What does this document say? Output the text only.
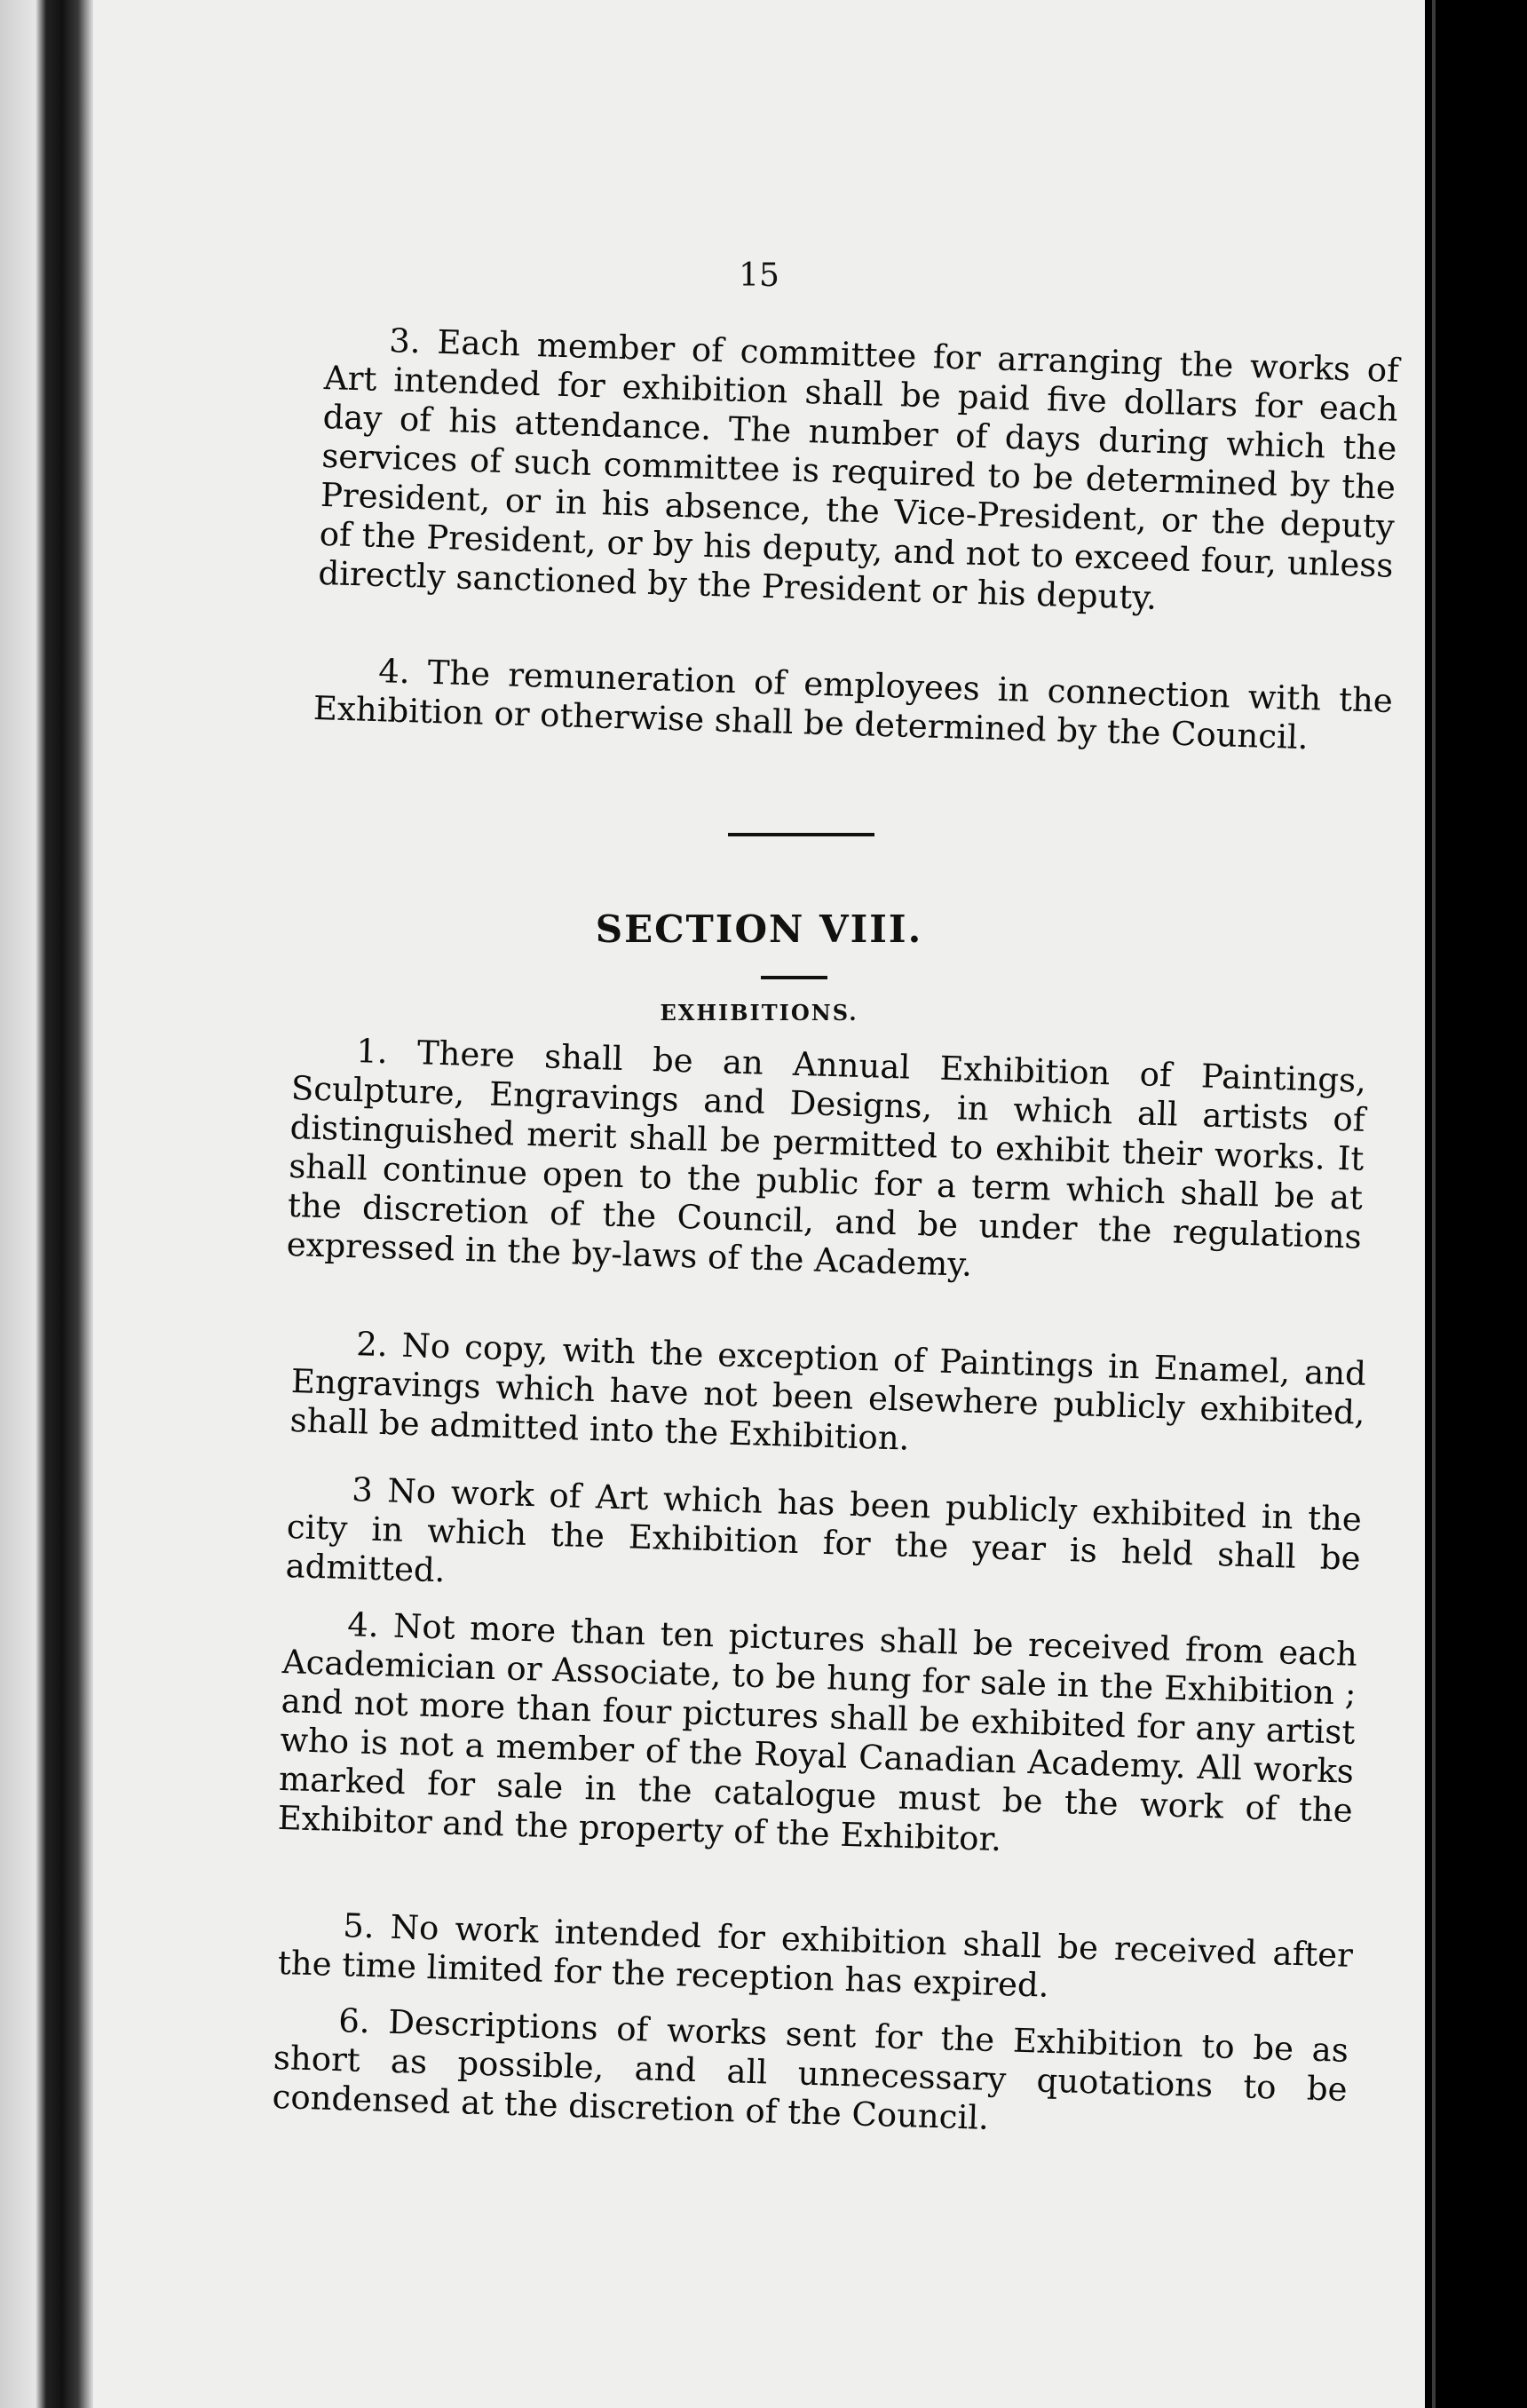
15

3. Each member of committee for arranging the works of Art intended for exhibition shall be paid five dollars for each day of his attendance. The number of days during which the services of such committee is required to be determined by the President, or in his absence, the Vice-President, or the deputy of the President, or by his deputy, and not to exceed four, unless directly sanctioned by the President or his deputy.

4. The remuneration of employees in connection with the Exhibition or otherwise shall be determined by the Council.

SECTION VIII.
EXHIBITIONS.

1. There shall be an Annual Exhibition of Paintings, Sculpture, Engravings and Designs, in which all artists of distinguished merit shall be permitted to exhibit their works. It shall continue open to the public for a term which shall be at the discretion of the Council, and be under the regulations expressed in the by-laws of the Academy.

2. No copy, with the exception of Paintings in Enamel, and Engravings which have not been elsewhere publicly exhibited, shall be admitted into the Exhibition.

3 No work of Art which has been publicly exhibited in the city in which the Exhibition for the year is held shall be admitted.

4. Not more than ten pictures shall be received from each Academician or Associate, to be hung for sale in the Exhibition ; and not more than four pictures shall be exhibited for any artist who is not a member of the Royal Canadian Academy. All works marked for sale in the catalogue must be the work of the Exhibitor and the property of the Exhibitor.

5. No work intended for exhibition shall be received after the time limited for the reception has expired.

6. Descriptions of works sent for the Exhibition to be as short as possible, and all unnecessary quotations to be condensed at the discretion of the Council.
